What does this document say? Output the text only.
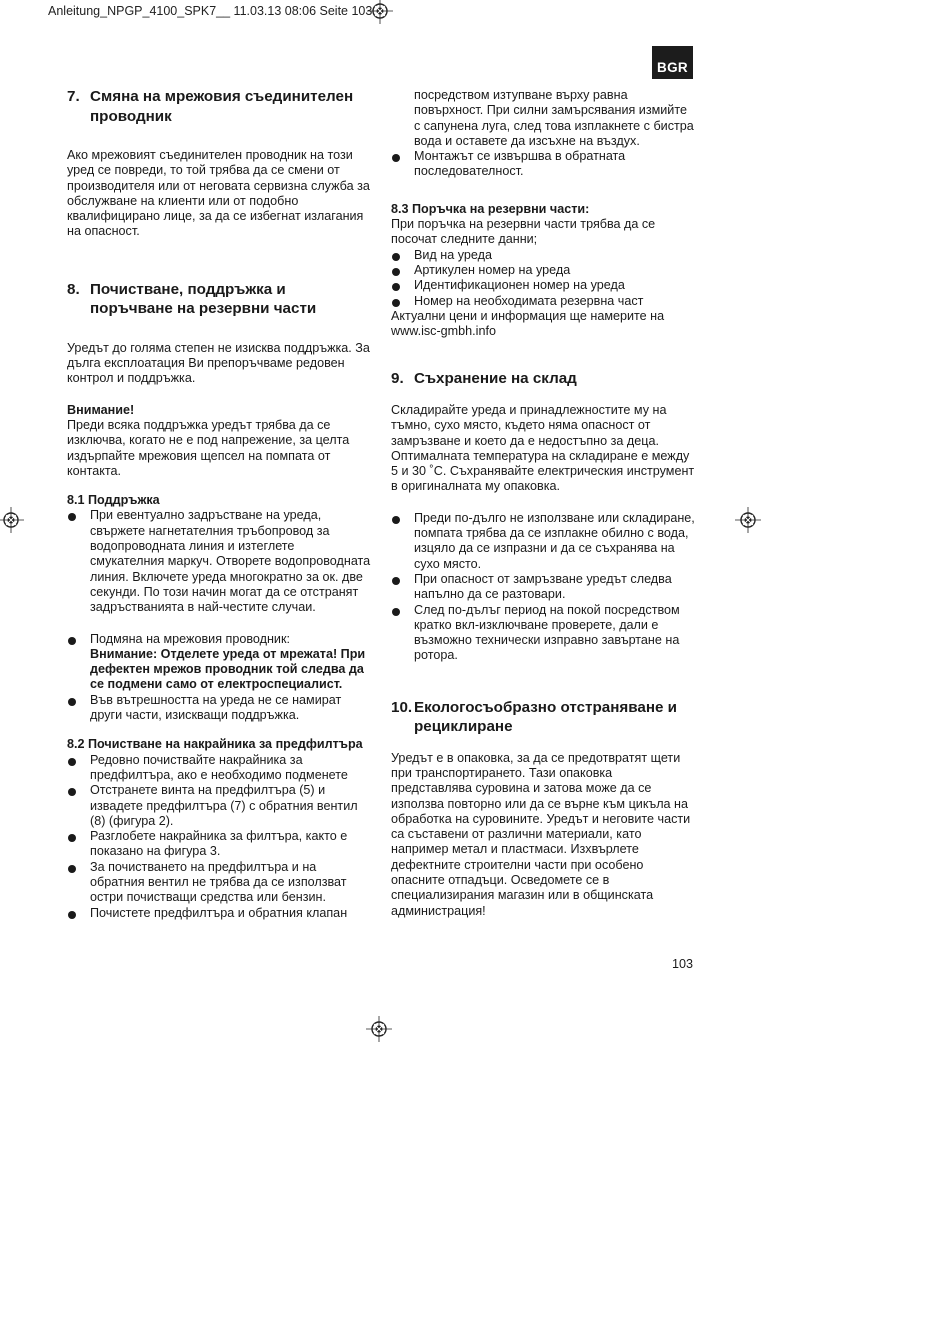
Anleitung_NPGP_4100_SPK7__ 11.03.13 08:06 Seite 103
BGR
7. Смяна на мрежовия съединителен проводник

Ако мрежовият съединителен проводник на този уред се повреди, то той трябва да се смени от производителя или от неговата сервизна служба за обслужване на клиенти или от подобно квалифицирано лице, за да се избегнат излагания на опасност.

8. Почистване, поддръжка и поръчване на резервни части

Уредът до голяма степен не изисква поддръжка. За дълга експлоатация Ви препоръчваме редовен контрол и поддръжка.

Внимание!

Преди всяка поддръжка уредът трябва да се изключва, когато не е под напрежение, за целта издърпайте мрежовия щепсел на помпата от контакта.

8.1 Поддръжка

При евентуално задръстване на уреда, свържете нагнетателния тръбопровод за водопроводната линия и изтеглете смукателния маркуч. Отворете водопроводната линия. Включете уреда многократно за ок. две секунди. По този начин могат да се отстранят задръстванията в най-честите случаи.
Подмяна на мрежовия проводник:
Внимание: Отделете уреда от мрежата! При дефектен мрежов проводник той следва да се подмени само от електроспециалист.
Във вътрешността на уреда не се намират други части, изискващи поддръжка.

8.2 Почистване на накрайника за предфилтъра

Редовно почиствайте накрайника за предфилтъра, ако е необходимо подменете
Отстранете винта на предфилтъра (5) и извадете предфилтъра (7) с обратния вентил (8) (фигура 2).
Разглобете накрайника за филтъра, както е показано на фигура 3.
За почистването на предфилтъра и на обратния вентил не трябва да се използват остри почистващи средства или бензин.
Почистете предфилтъра и обратния клапан
посредством изтупване върху равна повърхност. При силни замърсявания измийте с сапунена луга, след това изплакнете с бистра вода и оставете да изсъхне на въздух.
Монтажът се извършва в обратната последователност.

8.3 Поръчка на резервни части:

При поръчка на резервни части трябва да се посочат следните данни;

Вид на уреда
Артикулен номер на уреда
Идентификационен номер на уреда
Номер на необходимата резервна част

Актуални цени и информация ще намерите на www.isc-gmbh.info

9. Съхранение на склад

Складирайте уреда и принадлежностите му на тъмно, сухо място, където няма опасност от замръзване и което да е недостъпно за деца. Оптималната температура на складиране е между 5 и 30 ˚С. Съхранявайте електрическия инструмент в оригиналната му опаковка.

Преди по-дълго не използване или складиране, помпата трябва да се изплакне обилно с вода, изцяло да се изпразни и да се съхранява на сухо място.
При опасност от замръзване уредът следва напълно да се разтовари.
След по-дълъг период на покой посредством кратко вкл-изключване проверете, дали е възможно технически изправно завъртане на ротора.
10. Екологосъобразно отстраняване и рециклиране

Уредът е в опаковка, за да се предотвратят щети при транспортирането. Тази опаковка представлява суровина и затова може да се използва повторно или да се върне към цикъла на обработка на суровините. Уредът и неговите части са съставени от различни материали, като например метал и пластмаси. Изхвърлете дефектните строителни части при особено опасните отпадъци. Осведомете се в специализирания магазин или в общинската администрация!

103
